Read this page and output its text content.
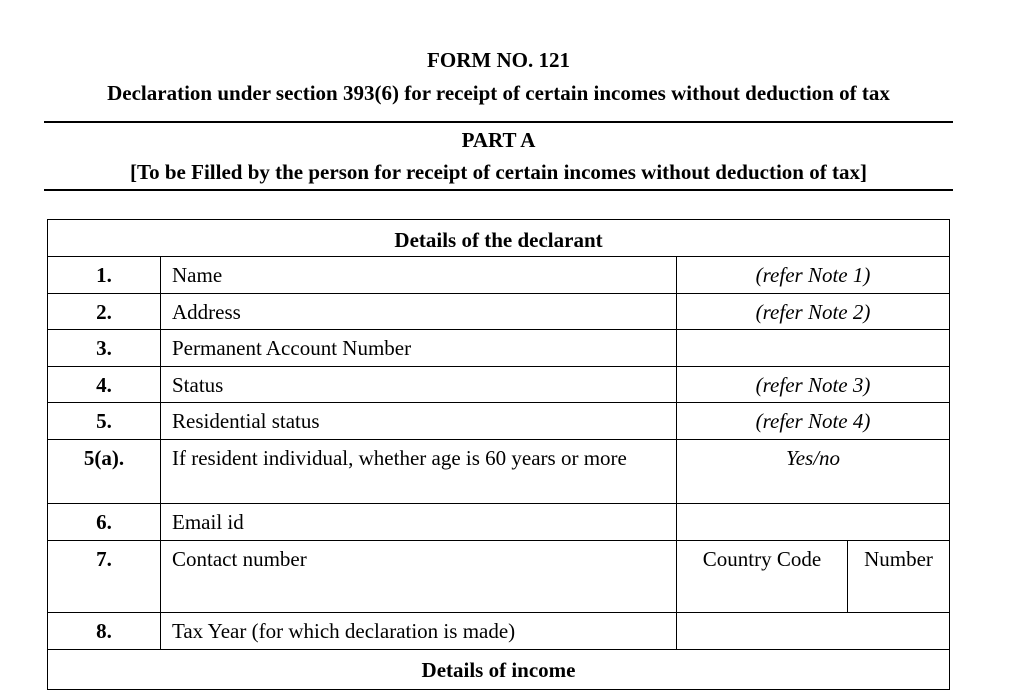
FORM NO. 121
Declaration under section 393(6) for receipt of certain incomes without deduction of tax
PART A
[To be Filled by the person for receipt of certain incomes without deduction of tax]
Details of the declarant			
1.	Name	(refer Note 1)	
2.	Address	(refer Note 2)	
3.	Permanent Account Number		
4.	Status	(refer Note 3)	
5.	Residential status	(refer Note 4)	
5(a).	If resident individual, whether age is 60 years or more	Yes/no	
6.	Email id		
7.	Contact number	Country Code	Number
8.	Tax Year (for which declaration is made)		
Details of income			
